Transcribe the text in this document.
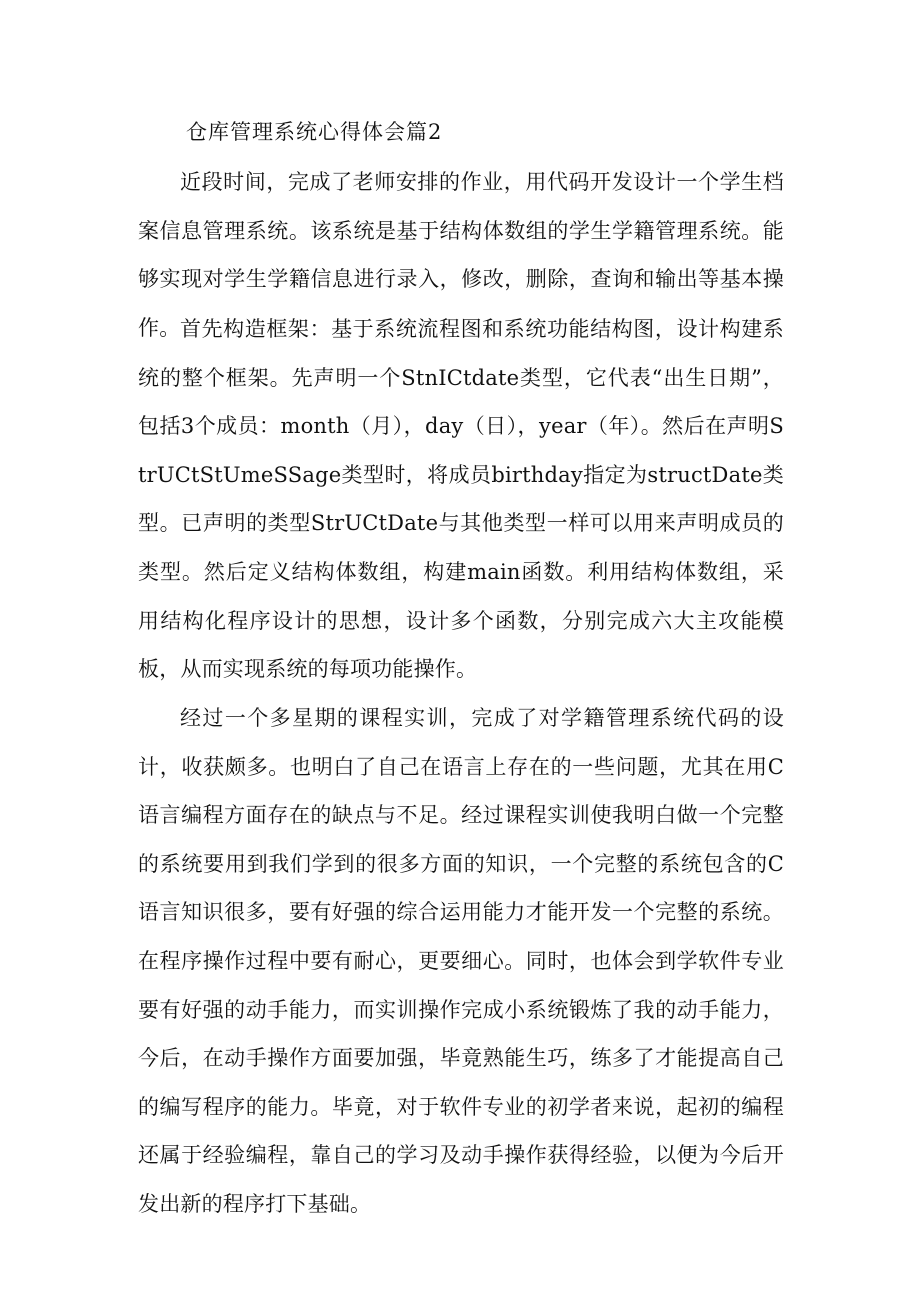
仓库管理系统心得体会篇2

近段时间，完成了老师安排的作业，用代码开发设计一个学生档案信息管理系统。该系统是基于结构体数组的学生学籍管理系统。能够实现对学生学籍信息进行录入，修改，删除，查询和输出等基本操作。 首先构造框架：基于系统流程图和系统功能结构图，设计构建系统的整个框架。先声明一个StnICtdate类型，它代表“出生日期”，包括3个成员：month（月），day（日），year（年）。然后在声明StrUCtStUmeSSage类型时，将成员birthday指定为structDate类型。已声明的类型StrUCtDate与其他类型一样可以用来声明成员的类型。然后定义结构体数组，构建main函数。利用结构体数组，采用结构化程序设计的思想，设计多个函数，分别完成六大主攻能模板，从而实现系统的每项功能操作。

经过一个多星期的课程实训，完成了对学籍管理系统代码的设计，收获颇多。也明白了自己在语言上存在的一些问题，尤其在用C语言编程方面存在的缺点与不足。经过课程实训使我明白做一个完整的系统要用到我们学到的很多方面的知识，一个完整的系统包含的C语言知识很多，要有好强的综合运用能力才能开发一个完整的系统。在程序操作过程中要有耐心，更要细心。同时，也体会到学软件专业要有好强的动手能力，而实训操作完成小系统锻炼了我的动手能力，今后，在动手操作方面要加强，毕竟熟能生巧，练多了才能提高自己的编写程序的能力。毕竟，对于软件专业的初学者来说，起初的编程还属于经验编程，靠自己的学习及动手操作获得经验，以便为今后开发出新的程序打下基础。
